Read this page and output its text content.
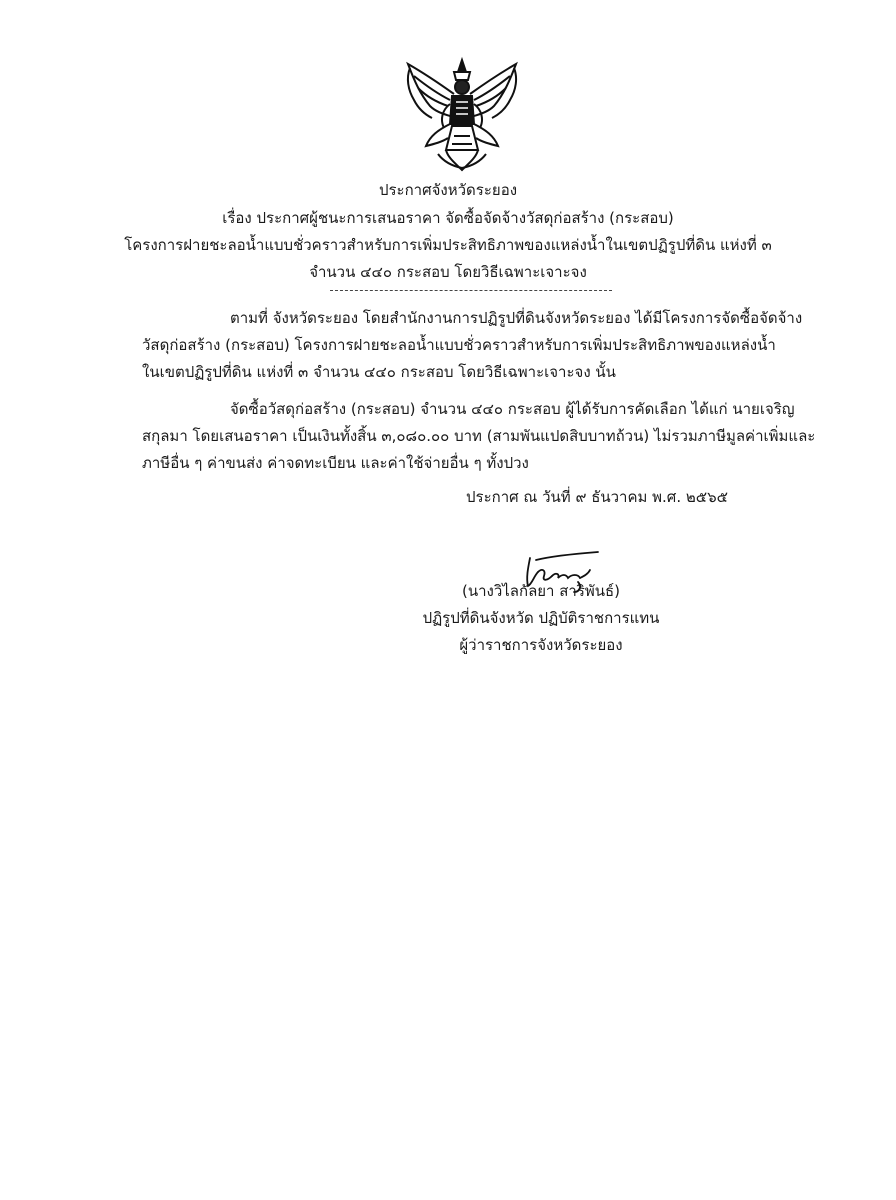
ประกาศจังหวัดระยอง
เรื่อง ประกาศผู้ชนะการเสนอราคา จัดซื้อจัดจ้างวัสดุก่อสร้าง (กระสอบ)
โครงการฝายชะลอน้ำแบบชั่วคราวสำหรับการเพิ่มประสิทธิภาพของแหล่งน้ำในเขตปฏิรูปที่ดิน แห่งที่ ๓
จำนวน ๔๔๐ กระสอบ โดยวิธีเฉพาะเจาะจง
ตามที่ จังหวัดระยอง โดยสำนักงานการปฏิรูปที่ดินจังหวัดระยอง ได้มีโครงการจัดซื้อจัดจ้าง
วัสดุก่อสร้าง (กระสอบ) โครงการฝายชะลอน้ำแบบชั่วคราวสำหรับการเพิ่มประสิทธิภาพของแหล่งน้ำ
ในเขตปฏิรูปที่ดิน แห่งที่ ๓ จำนวน ๔๔๐ กระสอบ โดยวิธีเฉพาะเจาะจง นั้น
จัดซื้อวัสดุก่อสร้าง (กระสอบ) จำนวน ๔๔๐ กระสอบ ผู้ได้รับการคัดเลือก ได้แก่ นายเจริญ
สกุลมา โดยเสนอราคา เป็นเงินทั้งสิ้น ๓,๐๘๐.๐๐ บาท (สามพันแปดสิบบาทถ้วน) ไม่รวมภาษีมูลค่าเพิ่มและ
ภาษีอื่น ๆ ค่าขนส่ง ค่าจดทะเบียน และค่าใช้จ่ายอื่น ๆ ทั้งปวง
ประกาศ ณ วันที่ ๙ ธันวาคม พ.ศ. ๒๕๖๕
(นางวิไลกัลยา สาริพันธ์)
ปฏิรูปที่ดินจังหวัด ปฏิบัติราชการแทน
ผู้ว่าราชการจังหวัดระยอง
